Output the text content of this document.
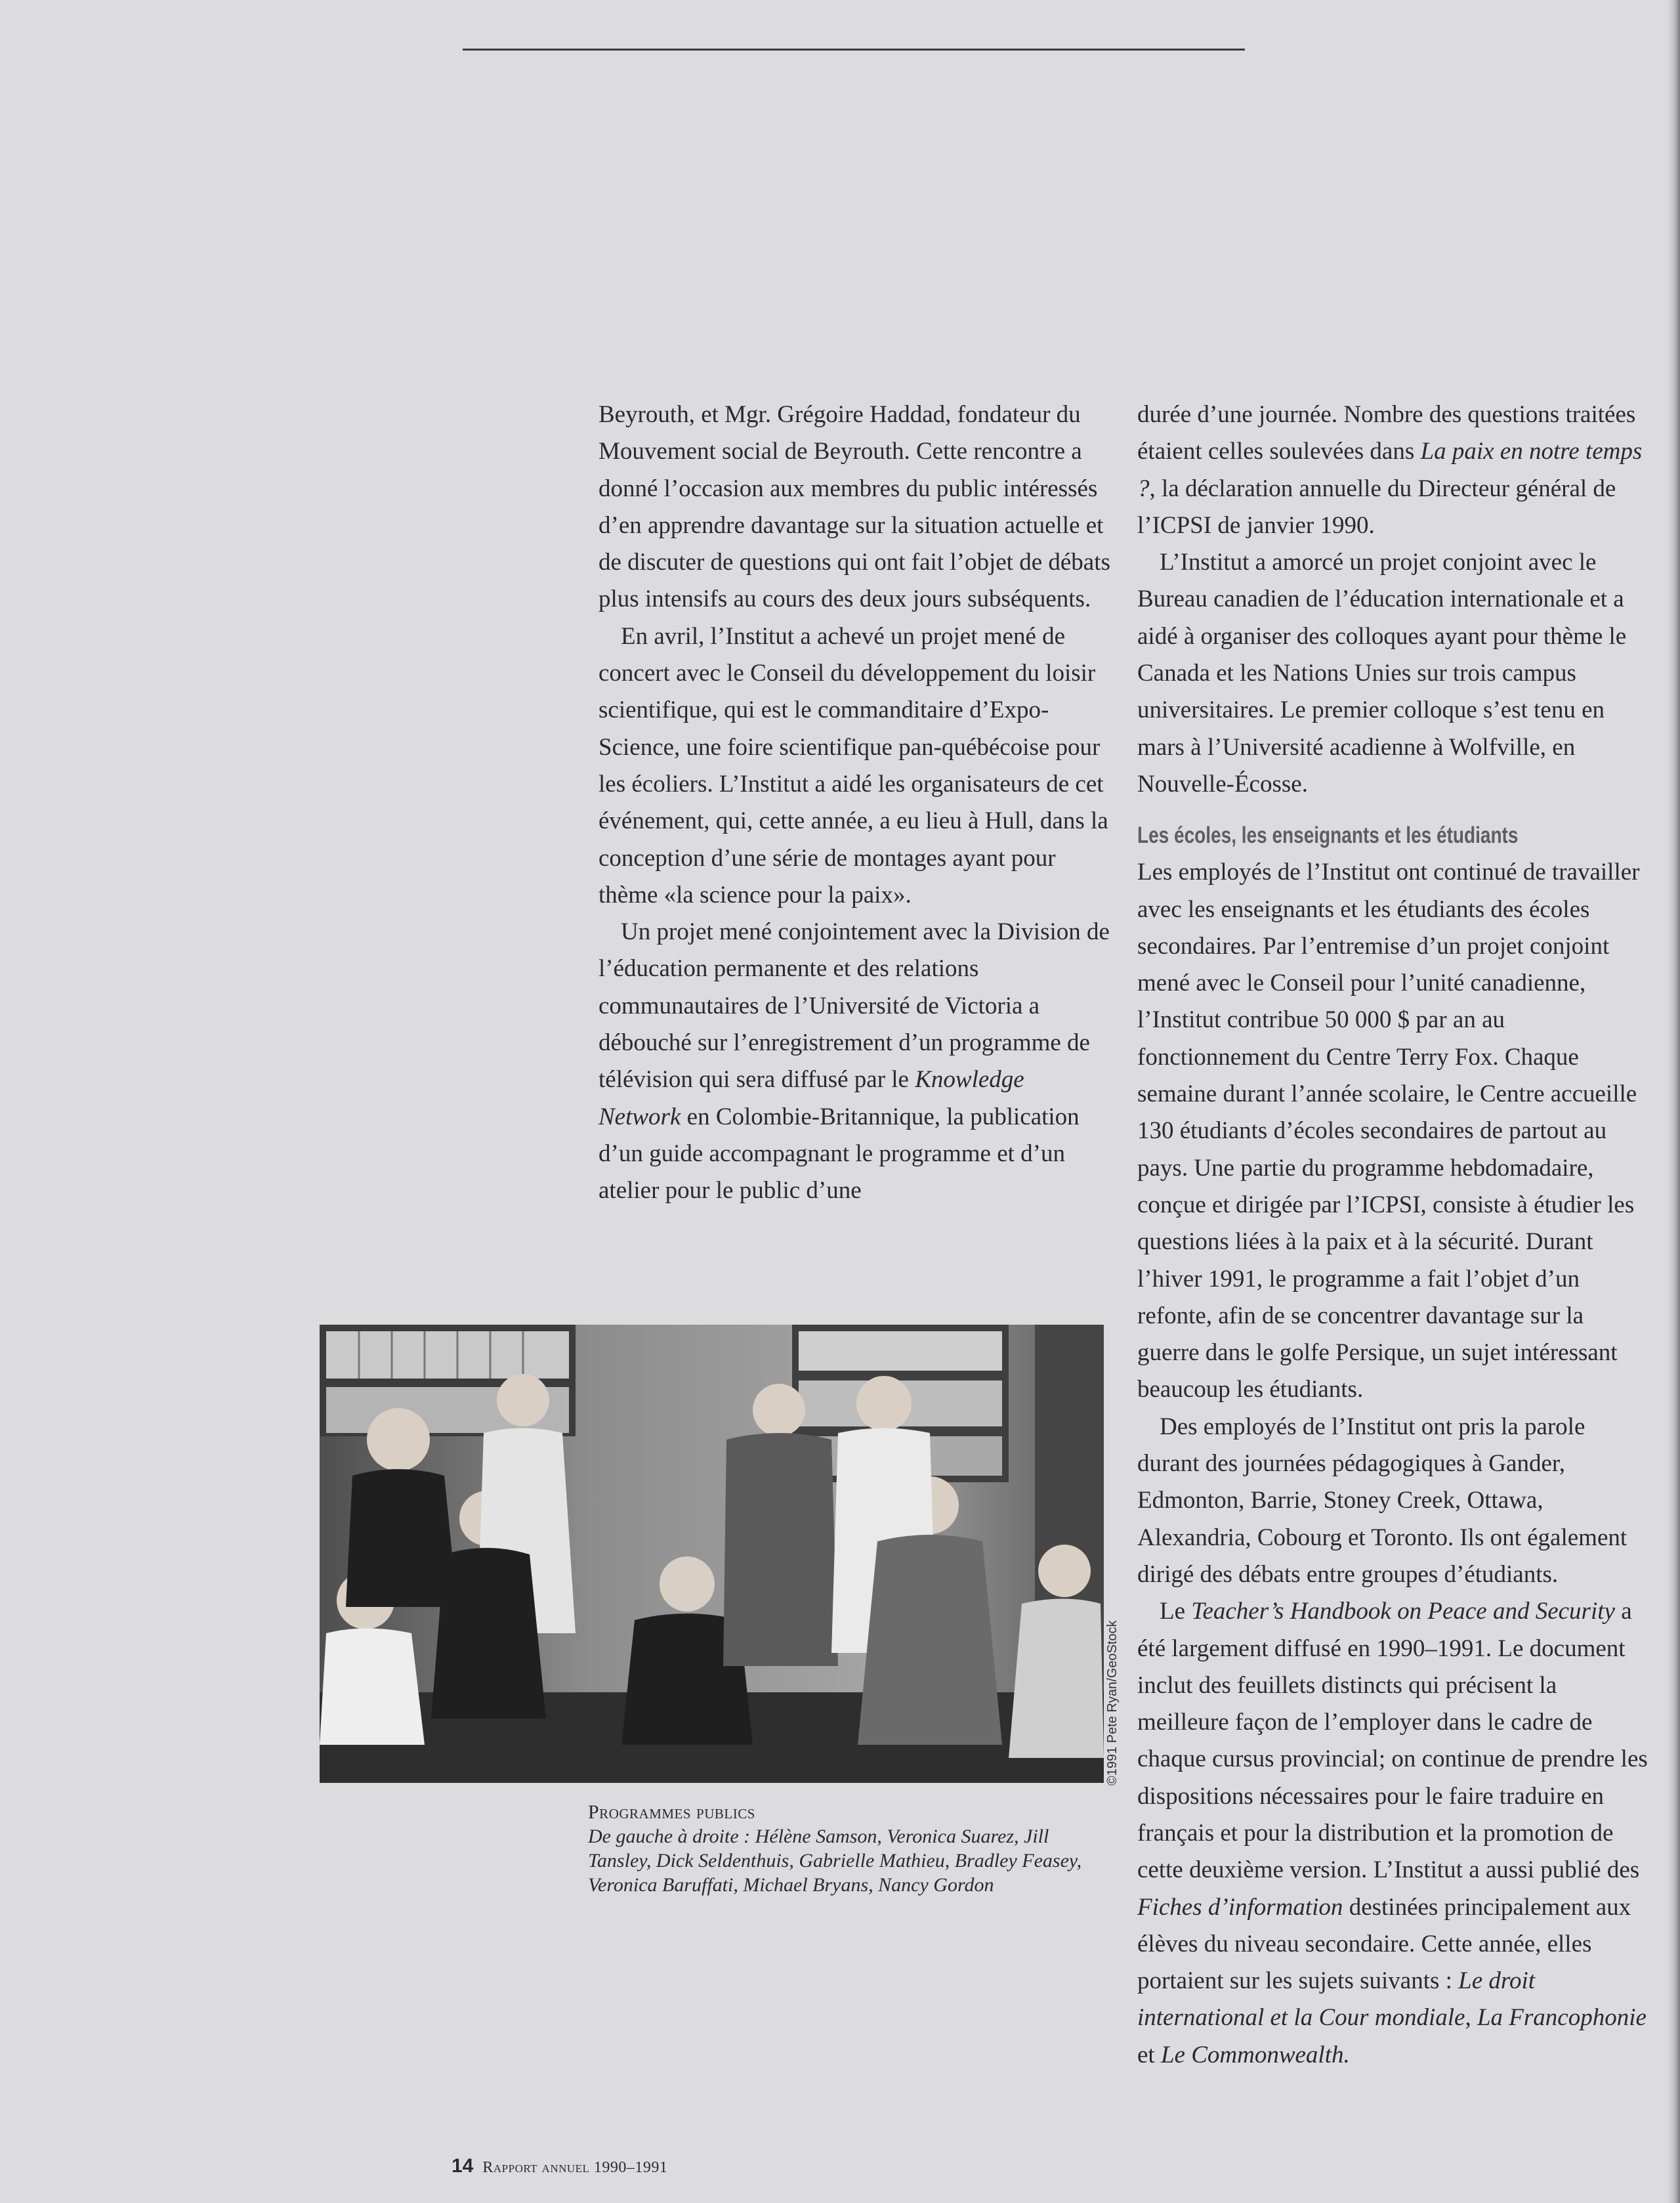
Beyrouth, et Mgr. Grégoire Haddad, fondateur du Mouvement social de Beyrouth. Cette rencontre a donné l’occasion aux membres du public intéressés d’en apprendre davantage sur la situation actuelle et de discuter de questions qui ont fait l’objet de débats plus intensifs au cours des deux jours subséquents.

En avril, l’Institut a achevé un projet mené de concert avec le Conseil du développement du loisir scientifique, qui est le commanditaire d’Expo-Science, une foire scientifique pan-québécoise pour les écoliers. L’Institut a aidé les organisateurs de cet événement, qui, cette année, a eu lieu à Hull, dans la conception d’une série de montages ayant pour thème «la science pour la paix».

Un projet mené conjointement avec la Division de l’éducation permanente et des relations communautaires de l’Université de Victoria a débouché sur l’enregistrement d’un programme de télévision qui sera diffusé par le Knowledge Network en Colombie-Britannique, la publication d’un guide accompagnant le programme et d’un atelier pour le public d’une

durée d’une journée. Nombre des questions traitées étaient celles soulevées dans La paix en notre temps ?, la déclaration annuelle du Directeur général de l’ICPSI de janvier 1990.

L’Institut a amorcé un projet conjoint avec le Bureau canadien de l’éducation internationale et a aidé à organiser des colloques ayant pour thème le Canada et les Nations Unies sur trois campus universitaires. Le premier colloque s’est tenu en mars à l’Université acadienne à Wolfville, en Nouvelle-Écosse.

Les écoles, les enseignants et les étudiants

Les employés de l’Institut ont continué de travailler avec les enseignants et les étudiants des écoles secondaires. Par l’entremise d’un projet conjoint mené avec le Conseil pour l’unité canadienne, l’Institut contribue 50 000 $ par an au fonctionnement du Centre Terry Fox. Chaque semaine durant l’année scolaire, le Centre accueille 130 étudiants d’écoles secondaires de partout au pays. Une partie du programme hebdomadaire, conçue et dirigée par l’ICPSI, consiste à étudier les questions liées à la paix et à la sécurité. Durant l’hiver 1991, le programme a fait l’objet d’un refonte, afin de se concentrer davantage sur la guerre dans le golfe Persique, un sujet intéressant beaucoup les étudiants.

Des employés de l’Institut ont pris la parole durant des journées pédagogiques à Gander, Edmonton, Barrie, Stoney Creek, Ottawa, Alexandria, Cobourg et Toronto. Ils ont également dirigé des débats entre groupes d’étudiants.

Le Teacher’s Handbook on Peace and Security a été largement diffusé en 1990–1991. Le document inclut des feuillets distincts qui précisent la meilleure façon de l’employer dans le cadre de chaque cursus provincial; on continue de prendre les dispositions nécessaires pour le faire traduire en français et pour la distribution et la promotion de cette deuxième version. L’Institut a aussi publié des Fiches d’information destinées principalement aux élèves du niveau secondaire. Cette année, elles portaient sur les sujets suivants : Le droit international et la Cour mondiale, La Francophonie et Le Commonwealth.

©1991 Pete Ryan/GeoStock
Programmes publics
De gauche à droite : Hélène Samson, Veronica Suarez, Jill Tansley, Dick Seldenthuis, Gabrielle Mathieu, Bradley Feasey, Veronica Baruffati, Michael Bryans, Nancy Gordon
14 Rapport annuel 1990–1991
